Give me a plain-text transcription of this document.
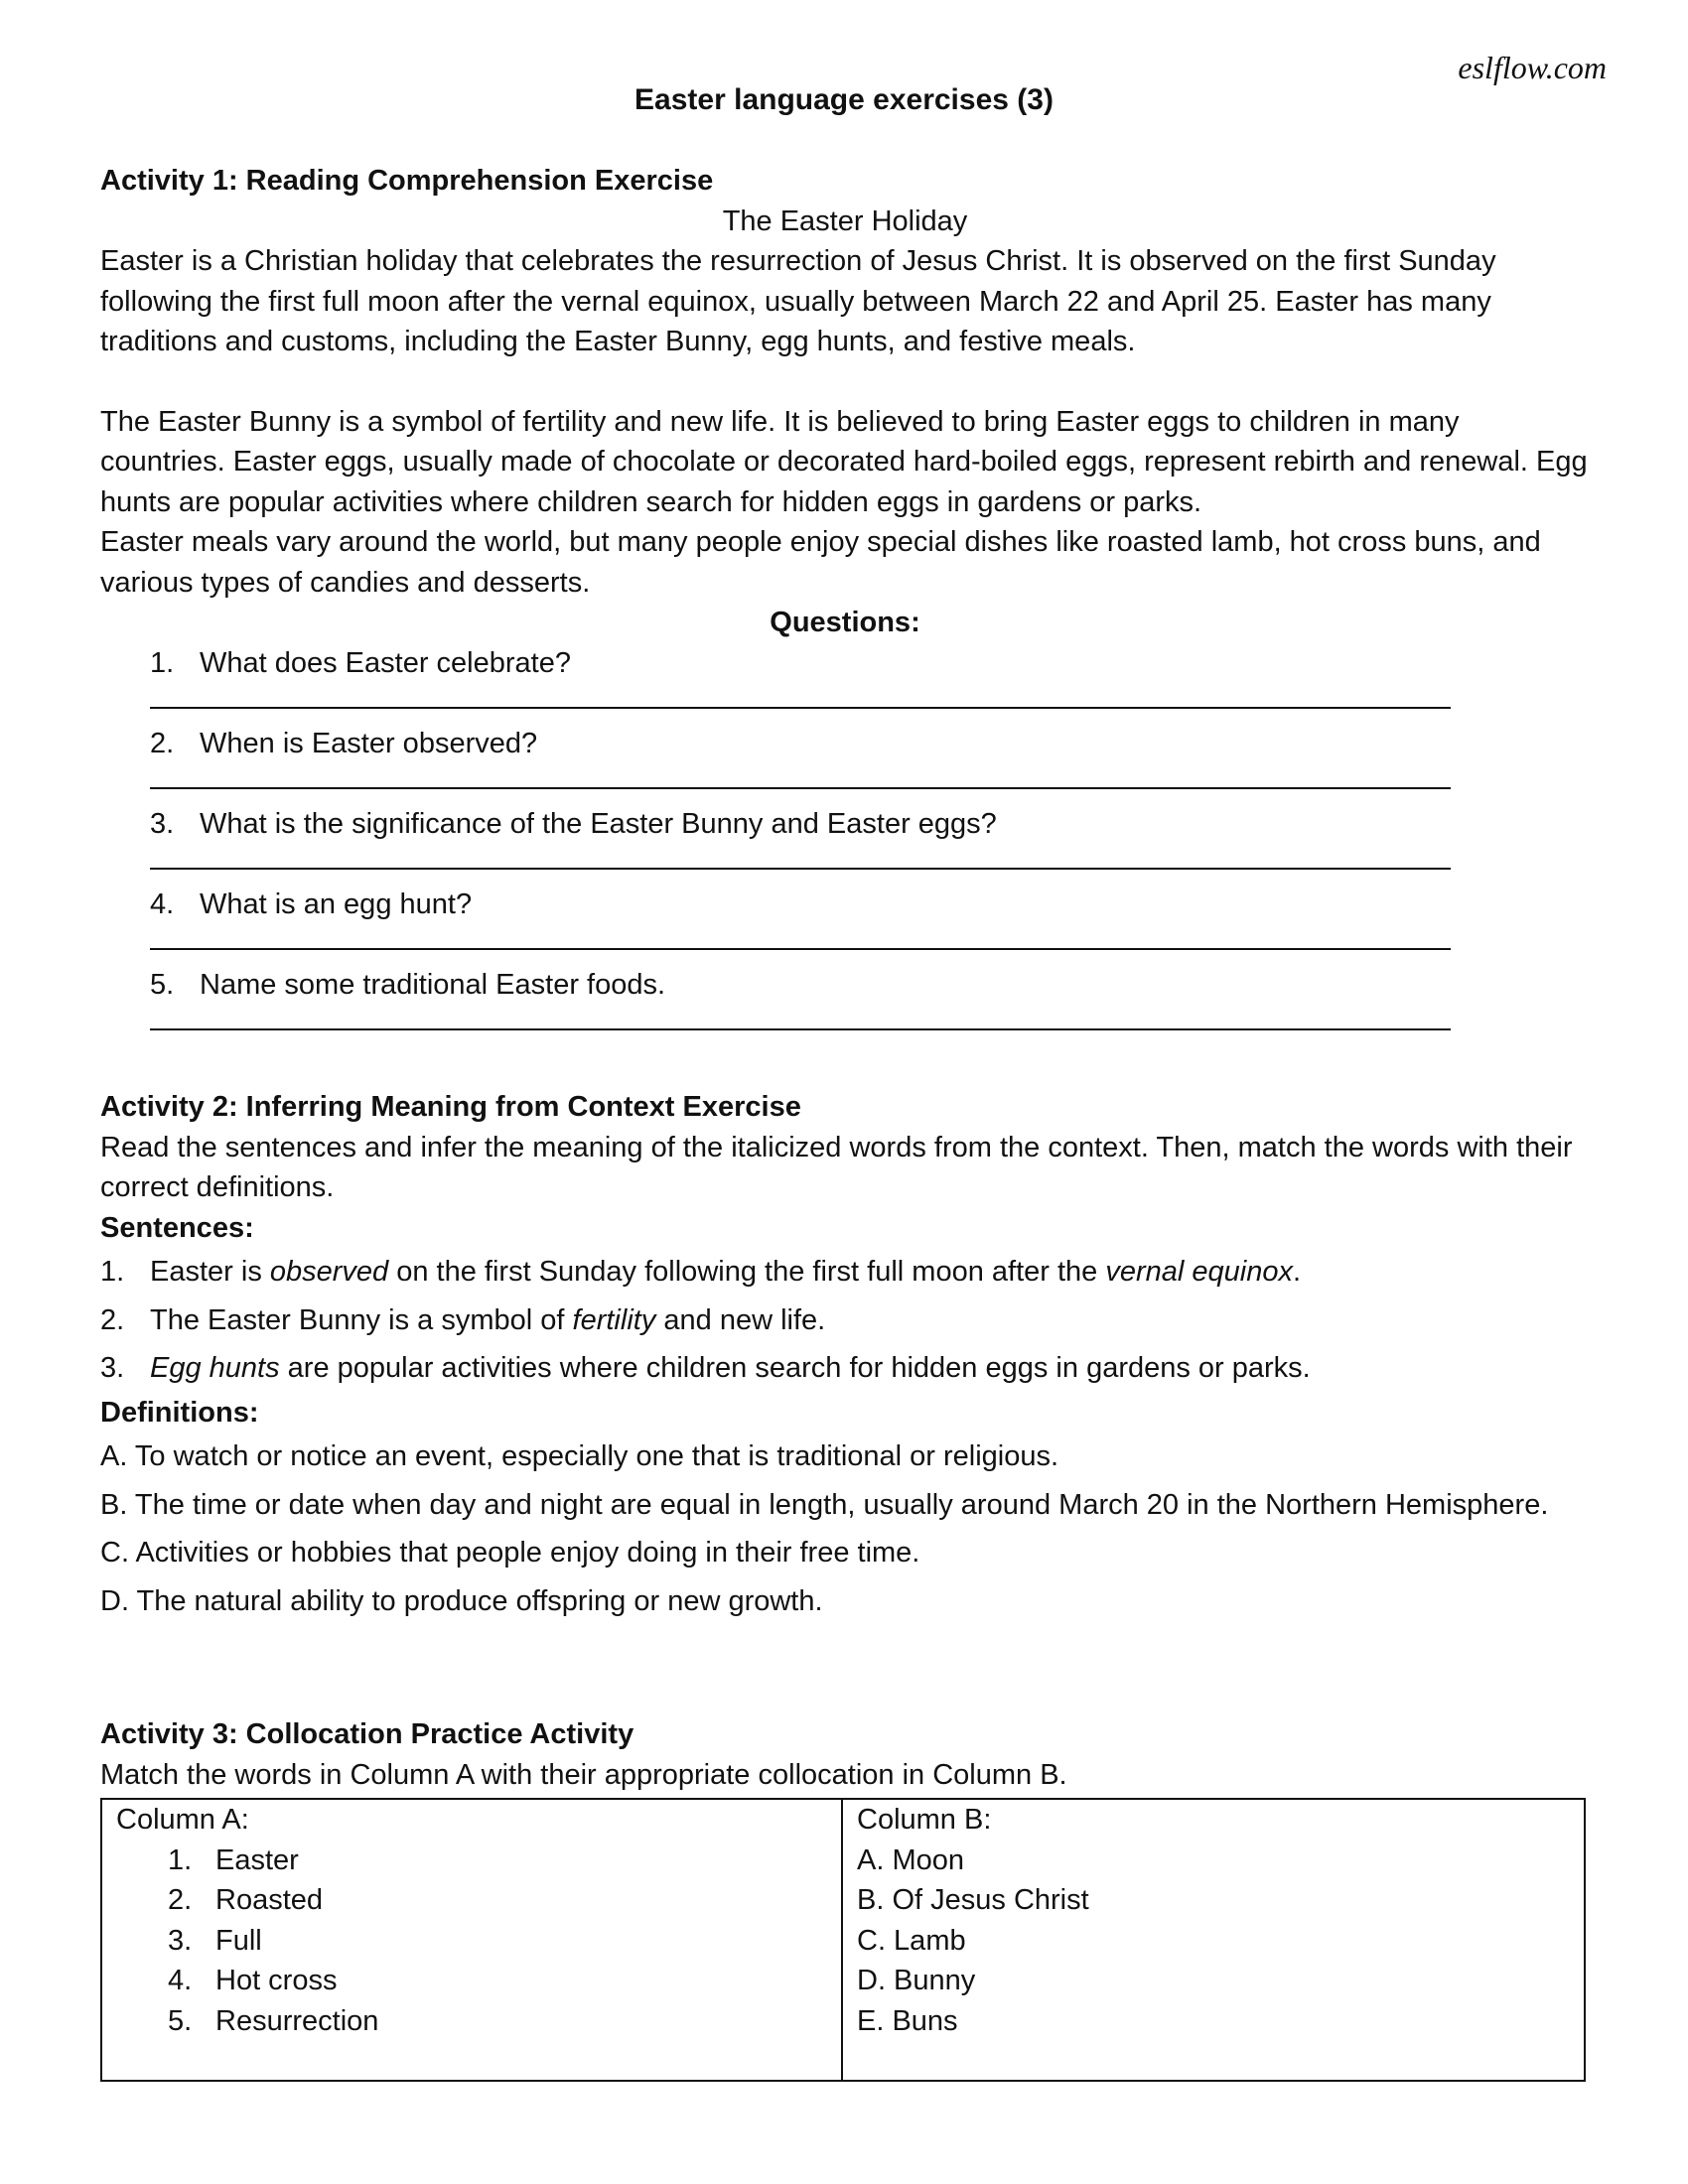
eslflow.com
Easter language exercises (3)

Activity 1: Reading Comprehension Exercise

The Easter Holiday

Easter is a Christian holiday that celebrates the resurrection of Jesus Christ. It is observed on the first Sunday following the first full moon after the vernal equinox, usually between March 22 and April 25. Easter has many traditions and customs, including the Easter Bunny, egg hunts, and festive meals.

The Easter Bunny is a symbol of fertility and new life. It is believed to bring Easter eggs to children in many countries. Easter eggs, usually made of chocolate or decorated hard-boiled eggs, represent rebirth and renewal. Egg hunts are popular activities where children search for hidden eggs in gardens or parks.

Easter meals vary around the world, but many people enjoy special dishes like roasted lamb, hot cross buns, and various types of candies and desserts.

Questions:

1. What does Easter celebrate?
2. When is Easter observed?
3. What is the significance of the Easter Bunny and Easter eggs?
4. What is an egg hunt?
5. Name some traditional Easter foods.

Activity 2: Inferring Meaning from Context Exercise

Read the sentences and infer the meaning of the italicized words from the context. Then, match the words with their correct definitions.

Sentences:

1. Easter is observed on the first Sunday following the first full moon after the vernal equinox.
2. The Easter Bunny is a symbol of fertility and new life.
3. Egg hunts are popular activities where children search for hidden eggs in gardens or parks.

Definitions:

A. To watch or notice an event, especially one that is traditional or religious.

B. The time or date when day and night are equal in length, usually around March 20 in the Northern Hemisphere.

C. Activities or hobbies that people enjoy doing in their free time.

D. The natural ability to produce offspring or new growth.

Activity 3: Collocation Practice Activity

Match the words in Column A with their appropriate collocation in Column B.

Column A:
1. Easter
2. Roasted
3. Full
4. Hot cross
5. Resurrection

Column B:
A. Moon
B. Of Jesus Christ
C. Lamb
D. Bunny
E. Buns
